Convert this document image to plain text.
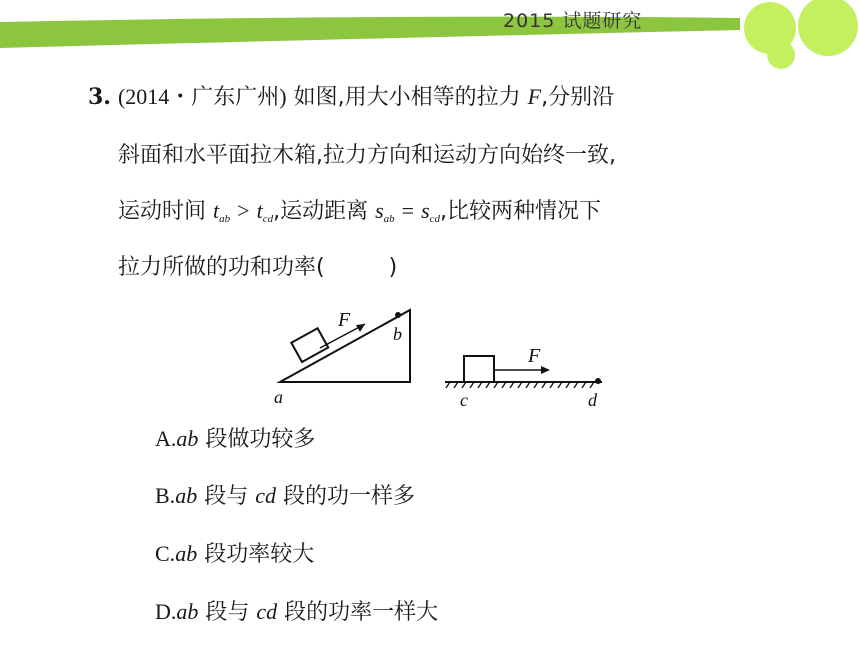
2015 试题研究
3. (2014・广东广州) 如图,用大小相等的拉力 F,分别沿
斜面和水平面拉木箱,拉力方向和运动方向始终一致,
运动时间 $t_{ab} > t_{cd}$,运动距离 $s_{ab} = s_{cd}$,比较两种情况下
拉力所做的功和功率(	)
F
b
a
F
c	d
A.ab 段做功较多
B.ab 段与 cd 段的功一样多
C.ab 段功率较大
D.ab 段与 cd 段的功率一样大
